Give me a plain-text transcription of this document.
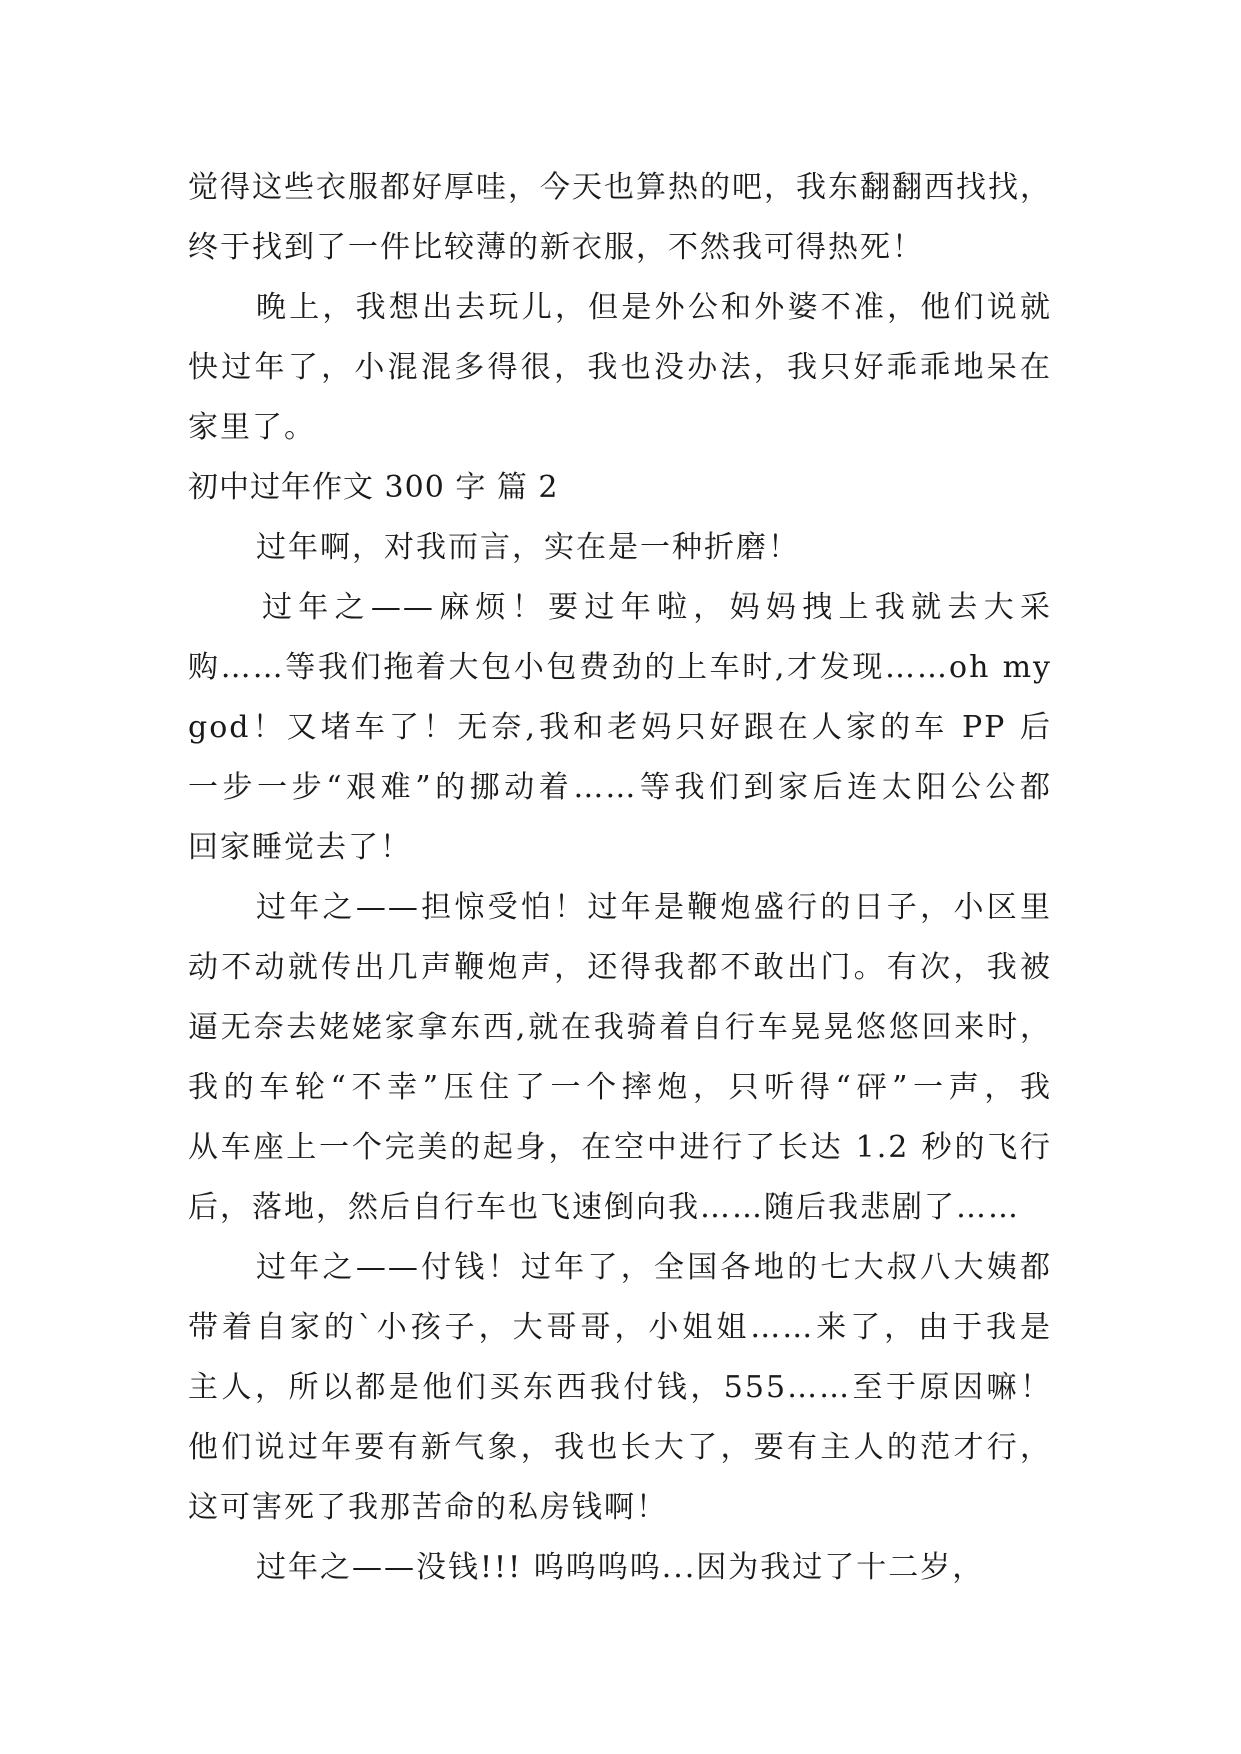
觉得这些衣服都好厚哇，今天也算热的吧，我东翻翻西找找，
终于找到了一件比较薄的新衣服，不然我可得热死！
晚上，我想出去玩儿，但是外公和外婆不准，他们说就
快过年了，小混混多得很，我也没办法，我只好乖乖地呆在
家里了。
初中过年作文 300 字 篇 2
过年啊，对我而言，实在是一种折磨！
过年之——麻烦！要过年啦，妈妈拽上我就去大采
购……等我们拖着大包小包费劲的上车时,才发现……oh my
god！又堵车了！无奈,我和老妈只好跟在人家的车 PP 后
一步一步“艰难”的挪动着……等我们到家后连太阳公公都
回家睡觉去了！
过年之——担惊受怕！过年是鞭炮盛行的日子，小区里
动不动就传出几声鞭炮声，还得我都不敢出门。有次，我被
逼无奈去姥姥家拿东西,就在我骑着自行车晃晃悠悠回来时，
我的车轮“不幸”压住了一个摔炮，只听得“砰”一声，我
从车座上一个完美的起身，在空中进行了长达 1.2 秒的飞行
后，落地，然后自行车也飞速倒向我……随后我悲剧了……
过年之——付钱！过年了，全国各地的七大叔八大姨都
带着自家的`小孩子，大哥哥，小姐姐……来了，由于我是
主人，所以都是他们买东西我付钱，555……至于原因嘛！
他们说过年要有新气象，我也长大了，要有主人的范才行，
这可害死了我那苦命的私房钱啊！
过年之——没钱!!! 呜呜呜呜...因为我过了十二岁，
